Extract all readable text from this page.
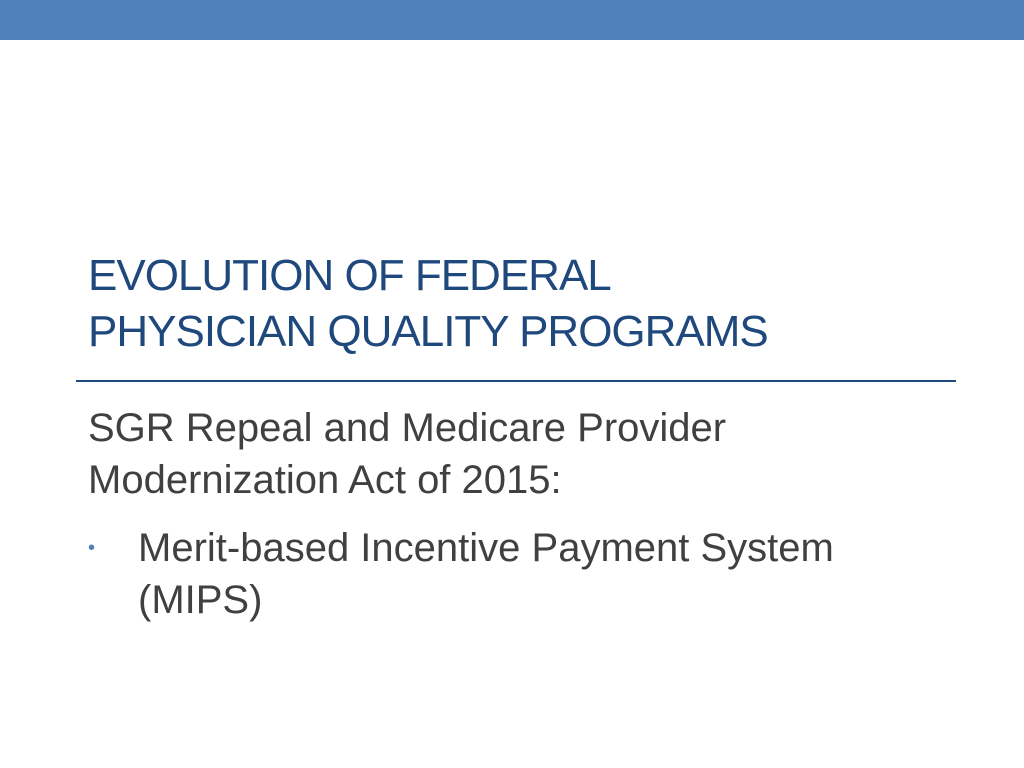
EVOLUTION OF FEDERAL
PHYSICIAN QUALITY PROGRAMS
SGR Repeal and Medicare Provider
Modernization Act of 2015:
• Merit-based Incentive Payment System
(MIPS)
